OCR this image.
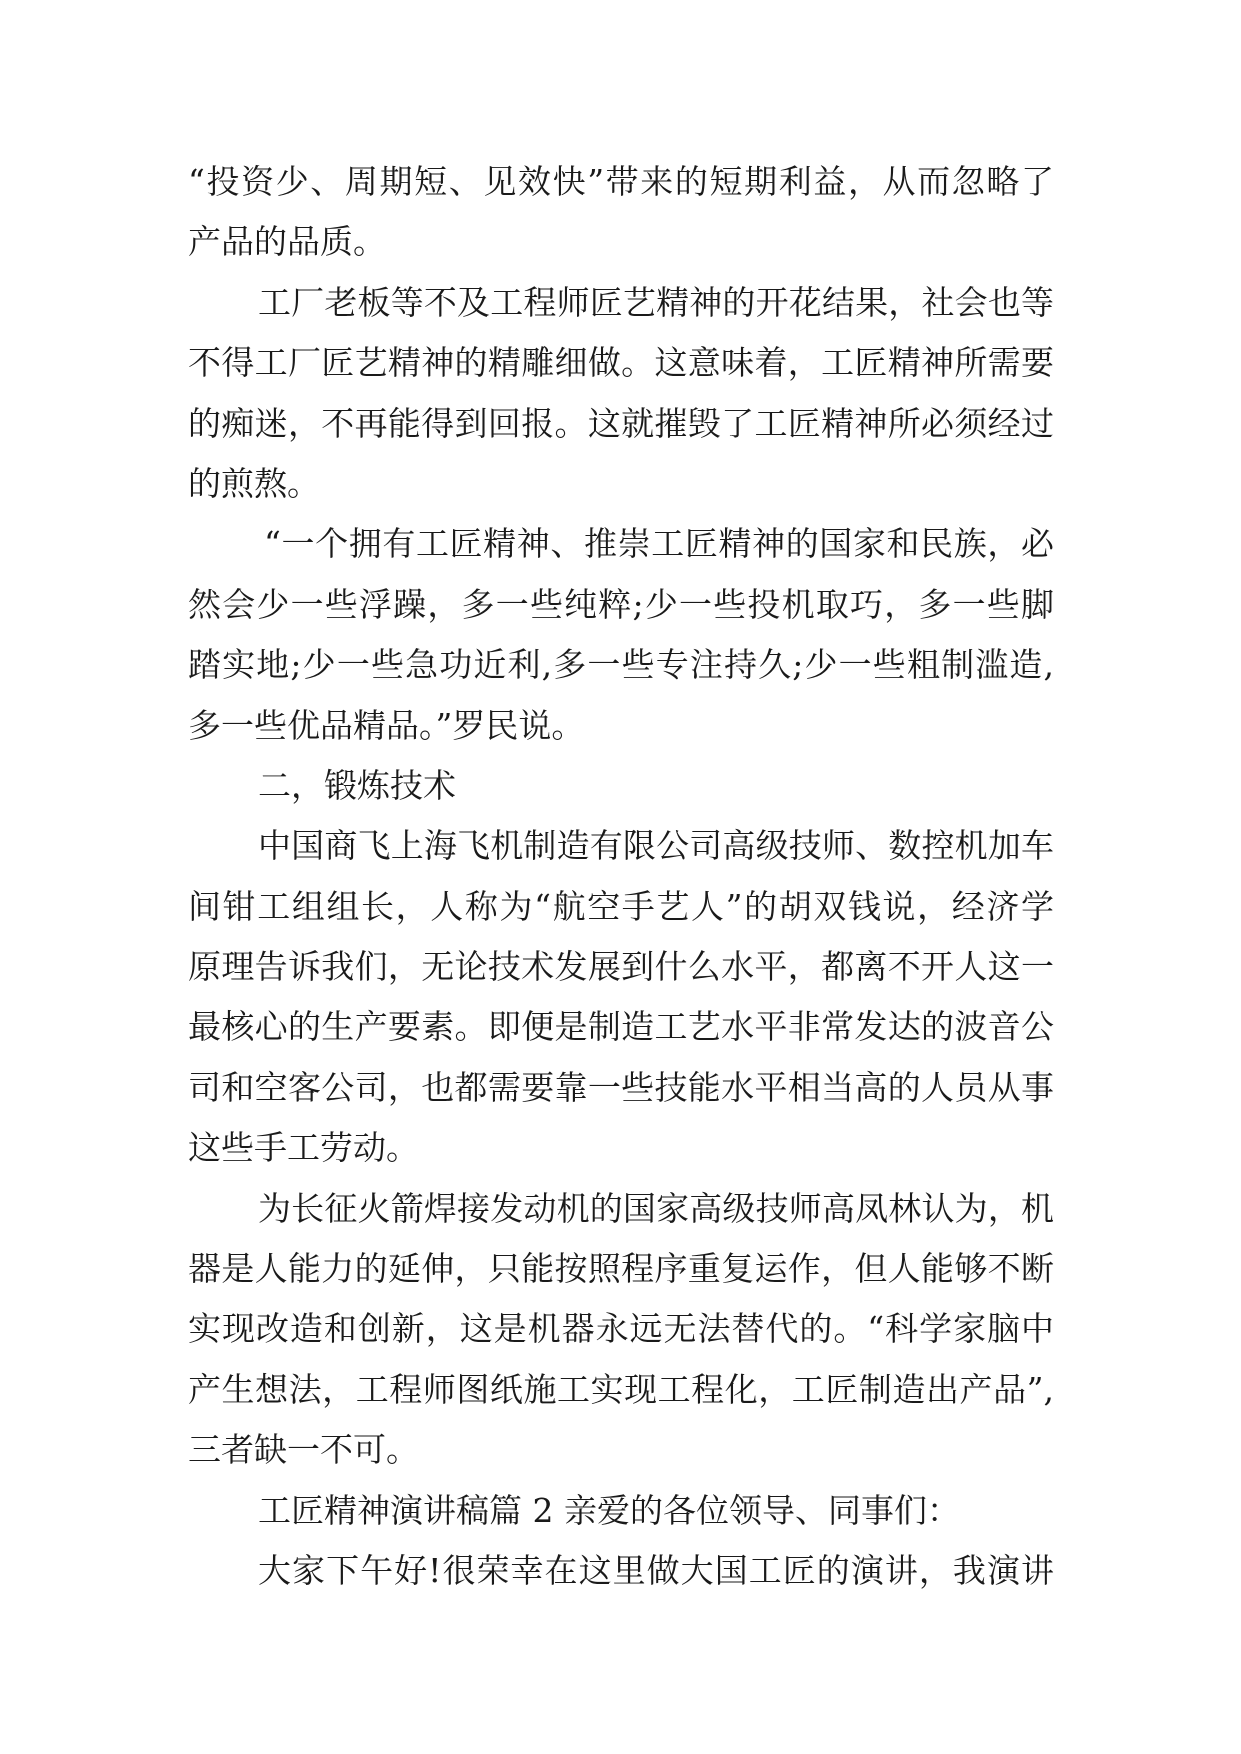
“投资少、周期短、见效快”带来的短期利益，从而忽略了
产品的品质。
工厂老板等不及工程师匠艺精神的开花结果，社会也等
不得工厂匠艺精神的精雕细做。这意味着，工匠精神所需要
的痴迷，不再能得到回报。这就摧毁了工匠精神所必须经过
的煎熬。
“一个拥有工匠精神、推崇工匠精神的国家和民族，必
然会少一些浮躁，多一些纯粹;少一些投机取巧，多一些脚
踏实地;少一些急功近利,多一些专注持久;少一些粗制滥造,
多一些优品精品。”罗民说。
二，锻炼技术
中国商飞上海飞机制造有限公司高级技师、数控机加车
间钳工组组长，人称为“航空手艺人”的胡双钱说，经济学
原理告诉我们，无论技术发展到什么水平，都离不开人这一
最核心的生产要素。即便是制造工艺水平非常发达的波音公
司和空客公司，也都需要靠一些技能水平相当高的人员从事
这些手工劳动。
为长征火箭焊接发动机的国家高级技师高凤林认为，机
器是人能力的延伸，只能按照程序重复运作，但人能够不断
实现改造和创新，这是机器永远无法替代的。“科学家脑中
产生想法，工程师图纸施工实现工程化，工匠制造出产品”,
三者缺一不可。
工匠精神演讲稿篇 2 亲爱的各位领导、同事们：
大家下午好!很荣幸在这里做大国工匠的演讲，我演讲
